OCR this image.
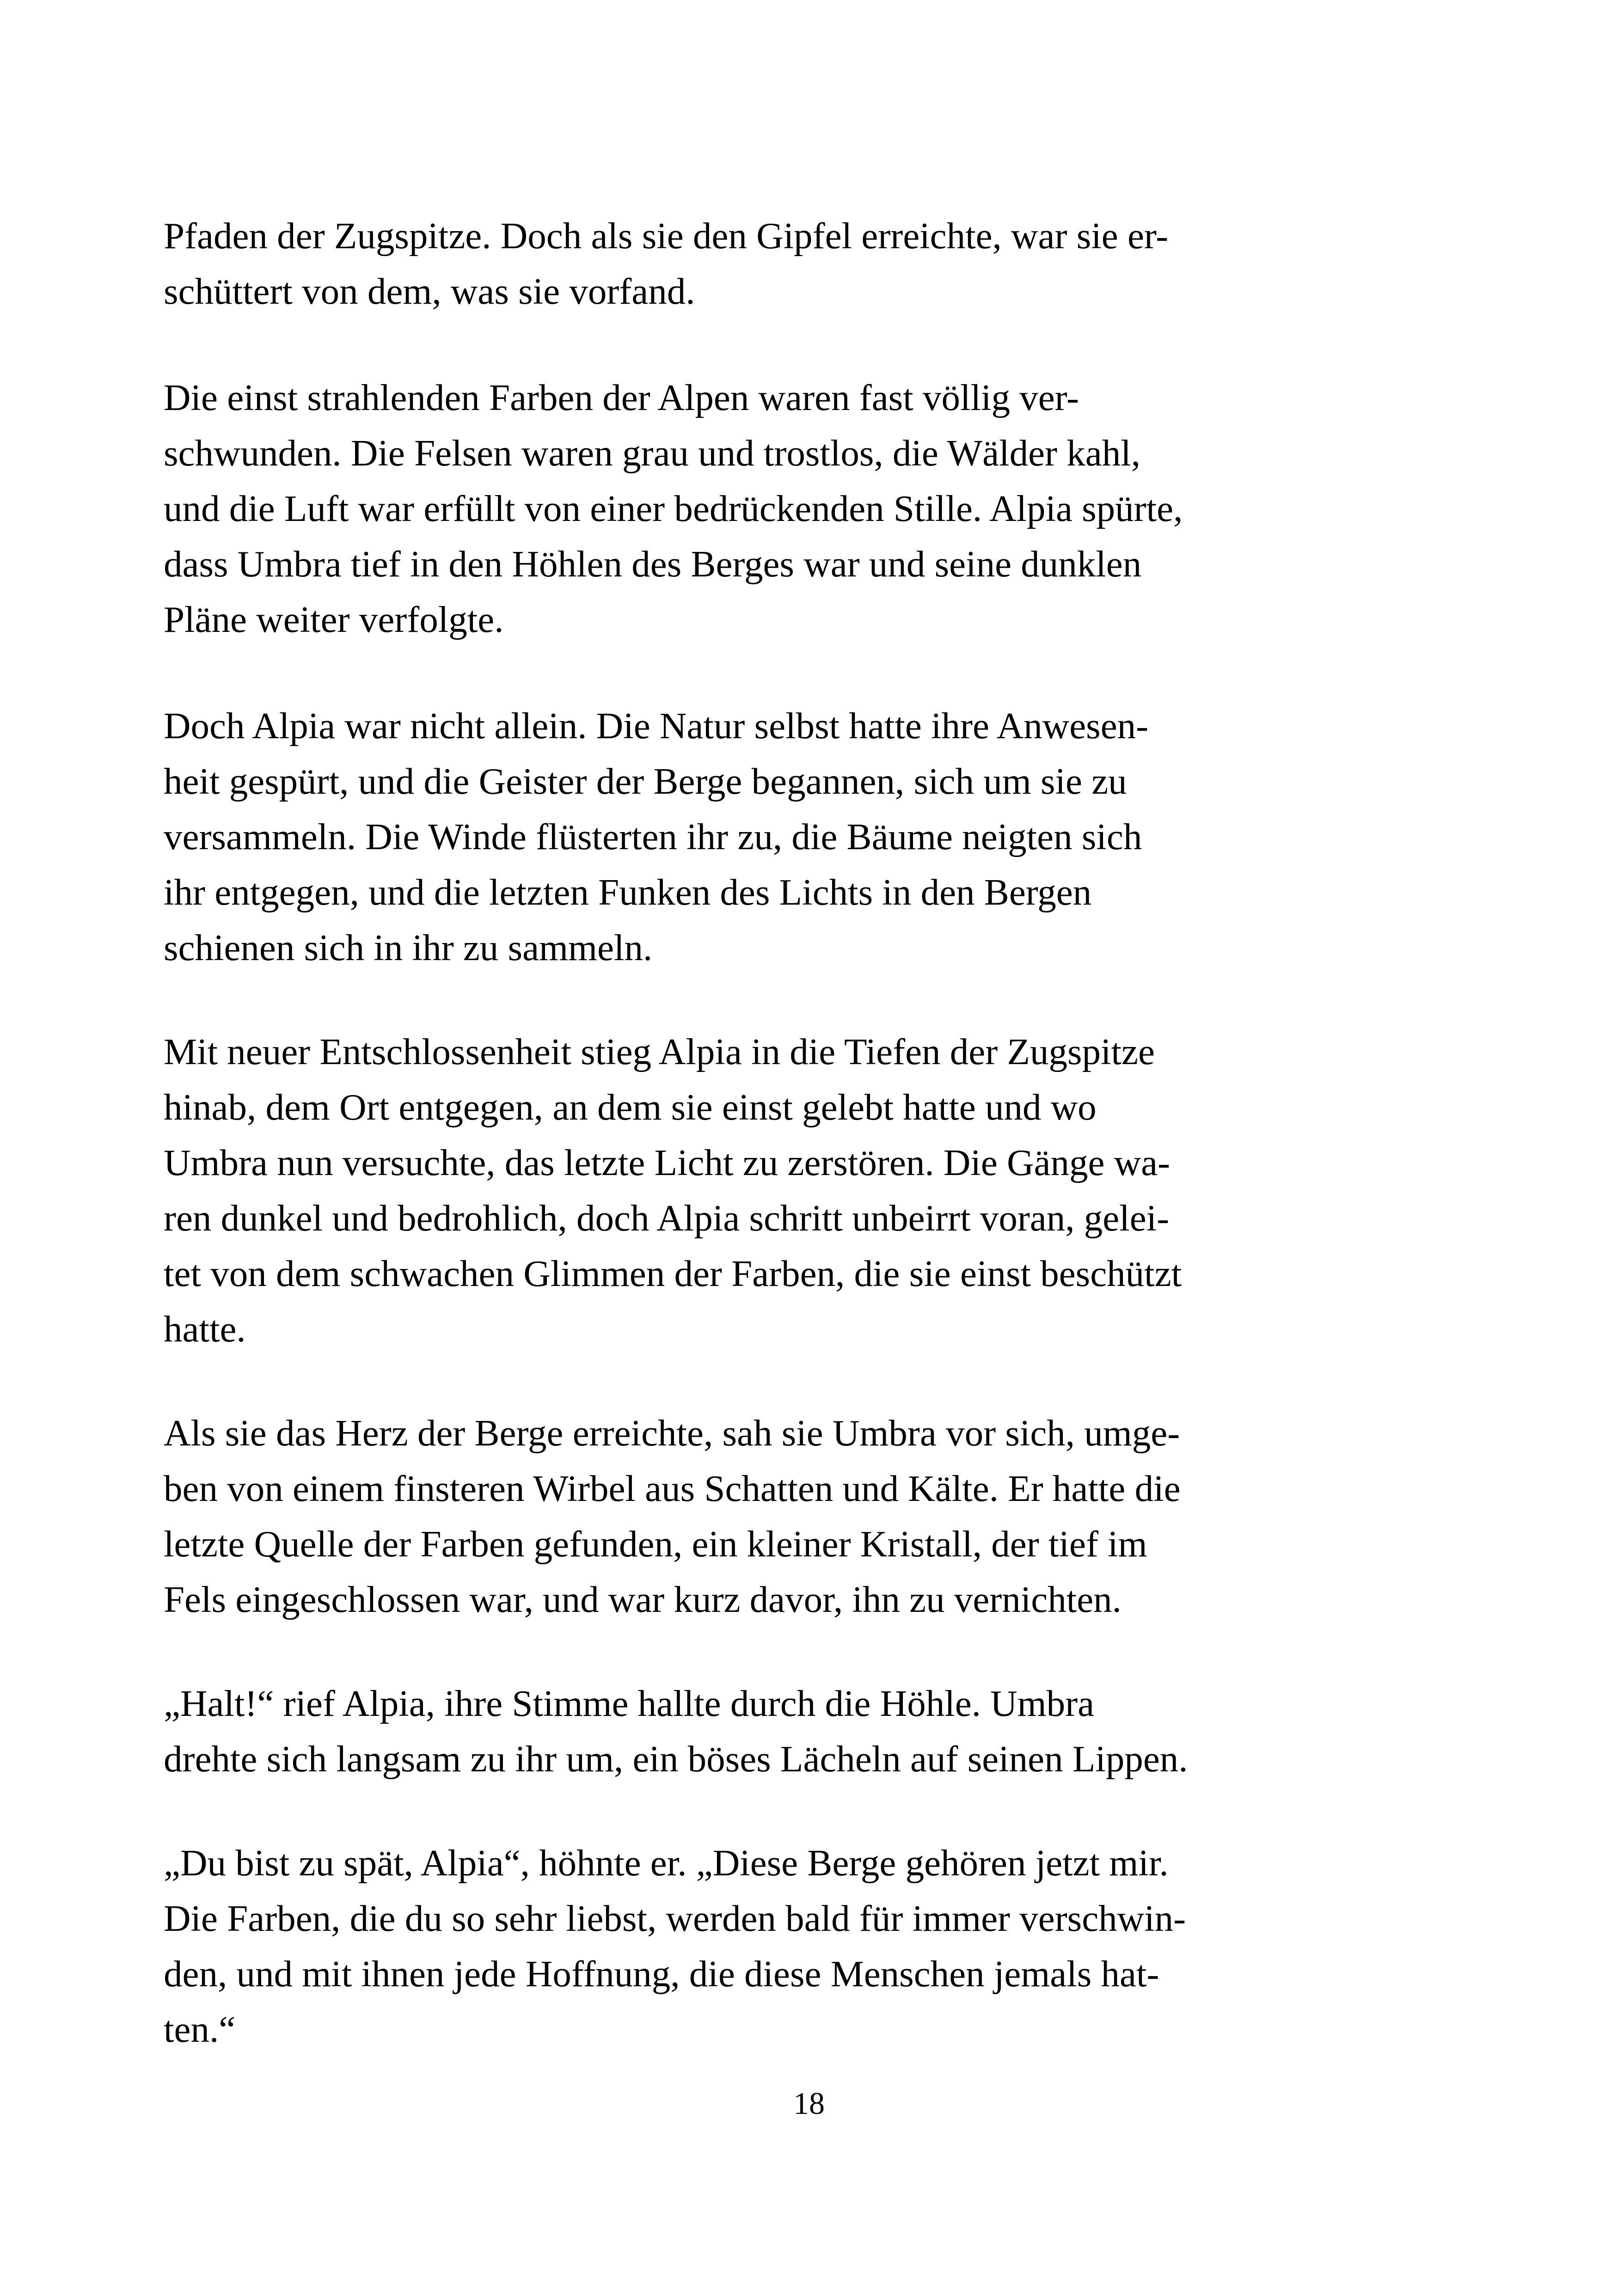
Pfaden der Zugspitze. Doch als sie den Gipfel erreichte, war sie er-
schüttert von dem, was sie vorfand.
Die einst strahlenden Farben der Alpen waren fast völlig ver-
schwunden. Die Felsen waren grau und trostlos, die Wälder kahl,
und die Luft war erfüllt von einer bedrückenden Stille. Alpia spürte,
dass Umbra tief in den Höhlen des Berges war und seine dunklen
Pläne weiter verfolgte.
Doch Alpia war nicht allein. Die Natur selbst hatte ihre Anwesen-
heit gespürt, und die Geister der Berge begannen, sich um sie zu
versammeln. Die Winde flüsterten ihr zu, die Bäume neigten sich
ihr entgegen, und die letzten Funken des Lichts in den Bergen
schienen sich in ihr zu sammeln.
Mit neuer Entschlossenheit stieg Alpia in die Tiefen der Zugspitze
hinab, dem Ort entgegen, an dem sie einst gelebt hatte und wo
Umbra nun versuchte, das letzte Licht zu zerstören. Die Gänge wa-
ren dunkel und bedrohlich, doch Alpia schritt unbeirrt voran, gelei-
tet von dem schwachen Glimmen der Farben, die sie einst beschützt
hatte.
Als sie das Herz der Berge erreichte, sah sie Umbra vor sich, umge-
ben von einem finsteren Wirbel aus Schatten und Kälte. Er hatte die
letzte Quelle der Farben gefunden, ein kleiner Kristall, der tief im
Fels eingeschlossen war, und war kurz davor, ihn zu vernichten.
„Halt!“ rief Alpia, ihre Stimme hallte durch die Höhle. Umbra
drehte sich langsam zu ihr um, ein böses Lächeln auf seinen Lippen.
„Du bist zu spät, Alpia“, höhnte er. „Diese Berge gehören jetzt mir.
Die Farben, die du so sehr liebst, werden bald für immer verschwin-
den, und mit ihnen jede Hoffnung, die diese Menschen jemals hat-
ten.“
18
